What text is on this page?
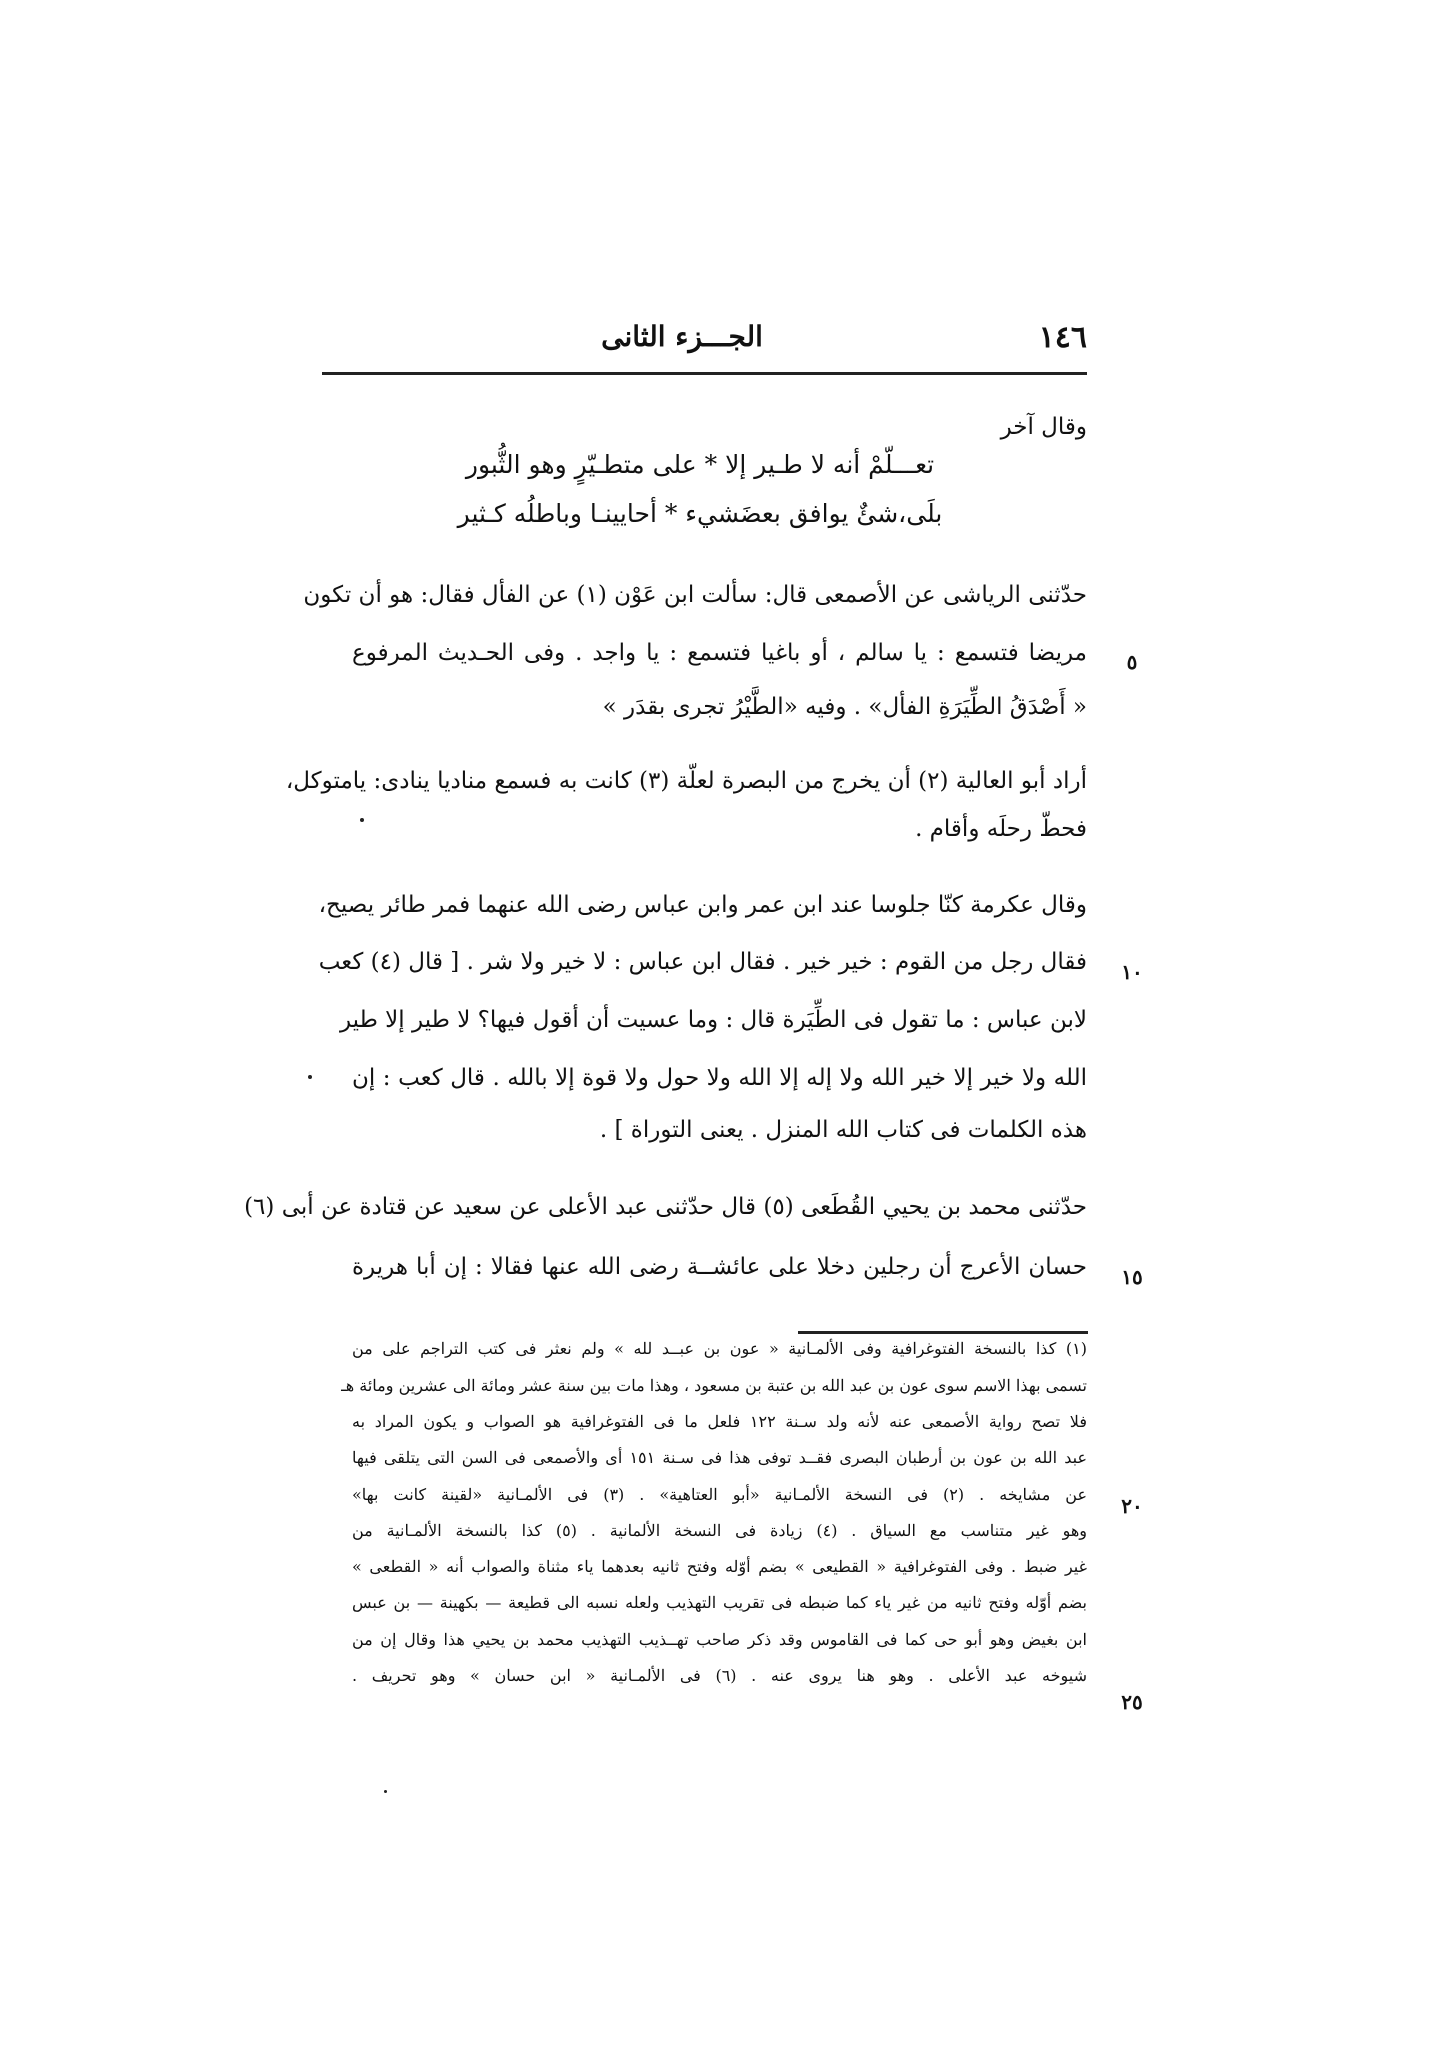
١٤٦
الجـــزء الثانى
وقال آخر
تعـــلّمْ أنه لا طـير إلا * على متطـيّرٍ وهو الثُّبور
بلَى،شئٌ يوافق بعضَشيء * أحايينـا وباطلُه كـثير
حدّثنى الرياشى عن الأصمعى قال: سألت ابن عَوْن (١) عن الفأل فقال: هو أن تكون
مريضا فتسمع : يا سالم ، أو باغيا فتسمع : يا واجد . وفى الحـديث المرفوع
« أَصْدَقُ الطِّيَرَةِ الفأل» . وفيه «الطَّيْرُ تجرى بقدَر »
أراد أبو العالية (٢) أن يخرج من البصرة لعلّة (٣) كانت به فسمع مناديا ينادى: يامتوكل،
فحطّ رحلَه وأقام .
وقال عكرمة كنّا جلوسا عند ابن عمر وابن عباس رضى الله عنهما فمر طائر يصيح،
فقال رجل من القوم : خير خير . فقال ابن عباس : لا خير ولا شر . [ قال (٤) كعب
لابن عباس : ما تقول فى الطِّيَرة قال : وما عسيت أن أقول فيها؟ لا طير إلا طير
الله ولا خير إلا خير الله ولا إله إلا الله ولا حول ولا قوة إلا بالله . قال كعب : إن
هذه الكلمات فى كتاب الله المنزل . يعنى التوراة ] .
حدّثنى محمد بن يحيي القُطَعى (٥) قال حدّثنى عبد الأعلى عن سعيد عن قتادة عن أبى (٦)
حسان الأعرج أن رجلين دخلا على عائشــة رضى الله عنها فقالا : إن أبا هريرة
٥
١٠
١٥
٢٠
٢٥
(١) كذا بالنسخة الفتوغرافية وفى الألمـانية « عون بن عبــد لله » ولم نعثر فى كتب التراجم على من
تسمى بهذا الاسم سوى عون بن عبد الله بن عتبة بن مسعود ، وهذا مات بين سنة عشر ومائة الى عشرين ومائة هـ
فلا تصح رواية الأصمعى عنه لأنه ولد سـنة ١٢٢ فلعل ما فى الفتوغرافية هو الصواب و يكون المراد به
عبد الله بن عون بن أرطبان البصرى فقــد توفى هذا فى سـنة ١٥١ أى والأصمعى فى السن التى يتلقى فيها
عن مشايخه . (٢) فى النسخة الألمـانية «أبو العتاهية» . (٣) فى الألمـانية «لقينة كانت بها»
وهو غير متناسب مع السياق . (٤) زيادة فى النسخة الألمانية . (٥) كذا بالنسخة الألمـانية من
غير ضبط . وفى الفتوغرافية « القطيعى » بضم أوّله وفتح ثانيه بعدهما ياء مثناة والصواب أنه « القطعى »
بضم أوّله وفتح ثانيه من غير ياء كما ضبطه فى تقريب التهذيب ولعله نسبه الى قطيعة — بكهينة — بن عبس
ابن بغيض وهو أبو حى كما فى القاموس وقد ذكر صاحب تهــذيب التهذيب محمد بن يحيي هذا وقال إن من
شيوخه عبد الأعلى . وهو هنا يروى عنه . (٦) فى الألمـانية « ابن حسان » وهو تحريف .
